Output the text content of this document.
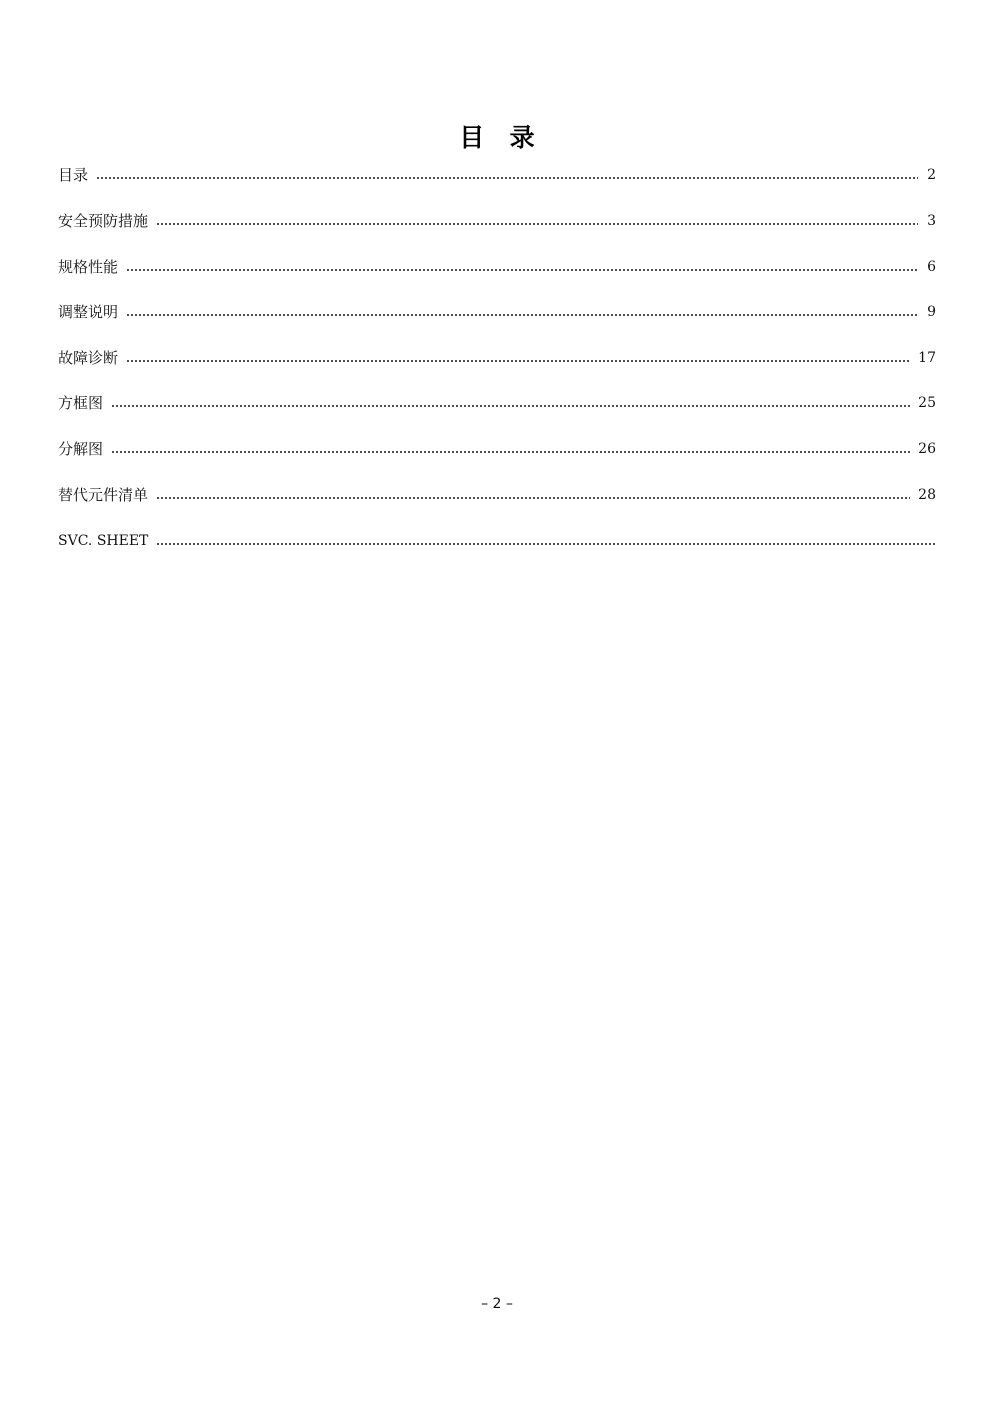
目　录
目录	2
安全预防措施	3
规格性能	6
调整说明	9
故障诊断	17
方框图	25
分解图	26
替代元件清单	28
SVC. SHEET
– 2 –
